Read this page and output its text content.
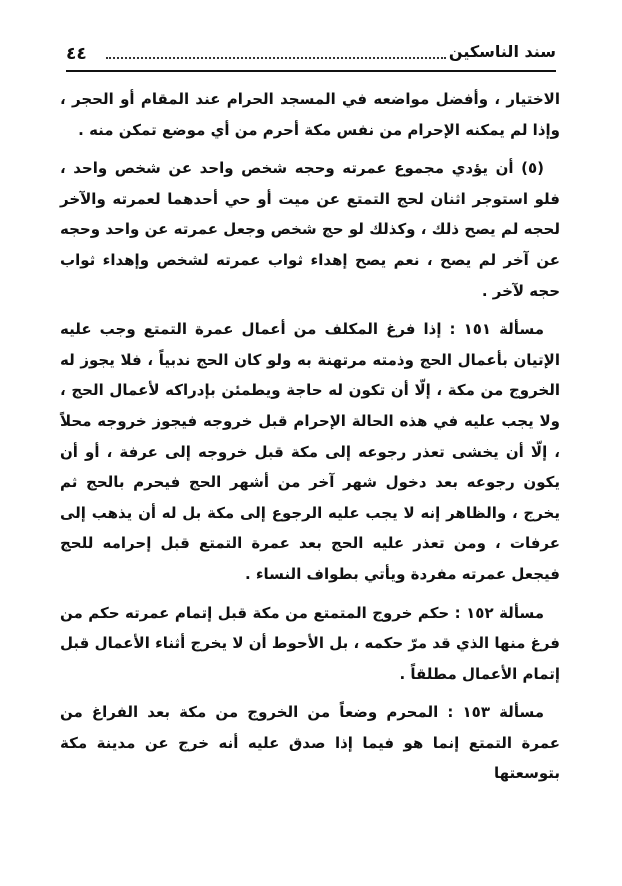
٤٤	سند الناسكين

الاختيار ، وأفضل مواضعه في المسجد الحرام عند المقام أو الحجر ، وإذا لم يمكنه الإحرام من نفس مكة أحرم من أي موضع تمكن منه .

(٥) أن يؤدي مجموع عمرته وحجه شخص واحد عن شخص واحد ، فلو استوجر اثنان لحج التمتع عن ميت أو حي أحدهما لعمرته والآخر لحجه لم يصح ذلك ، وكذلك لو حج شخص وجعل عمرته عن واحد وحجه عن آخر لم يصح ، نعم يصح إهداء ثواب عمرته لشخص وإهداء ثواب حجه لآخر .

مسألة ١٥١ : إذا فرغ المكلف من أعمال عمرة التمتع وجب عليه الإتيان بأعمال الحج وذمته مرتهنة به ولو كان الحج ندبياً ، فلا يجوز له الخروج من مكة ، إلّا أن تكون له حاجة ويطمئن بإدراكه لأعمال الحج ، ولا يجب عليه في هذه الحالة الإحرام قبل خروجه فيجوز خروجه محلاً ، إلّا أن يخشى تعذر رجوعه إلى مكة قبل خروجه إلى عرفة ، أو أن يكون رجوعه بعد دخول شهر آخر من أشهر الحج فيحرم بالحج ثم يخرج ، والظاهر إنه لا يجب عليه الرجوع إلى مكة بل له أن يذهب إلى عرفات ، ومن تعذر عليه الحج بعد عمرة التمتع قبل إحرامه للحج فيجعل عمرته مفردة ويأتي بطواف النساء .

مسألة ١٥٢ : حكم خروج المتمتع من مكة قبل إتمام عمرته حكم من فرغ منها الذي قد مرّ حكمه ، بل الأحوط أن لا يخرج أثناء الأعمال قبل إتمام الأعمال مطلقاً .

مسألة ١٥٣ : المحرم وضعاً من الخروج من مكة بعد الفراغ من عمرة التمتع إنما هو فيما إذا صدق عليه أنه خرج عن مدينة مكة بتوسعتها
